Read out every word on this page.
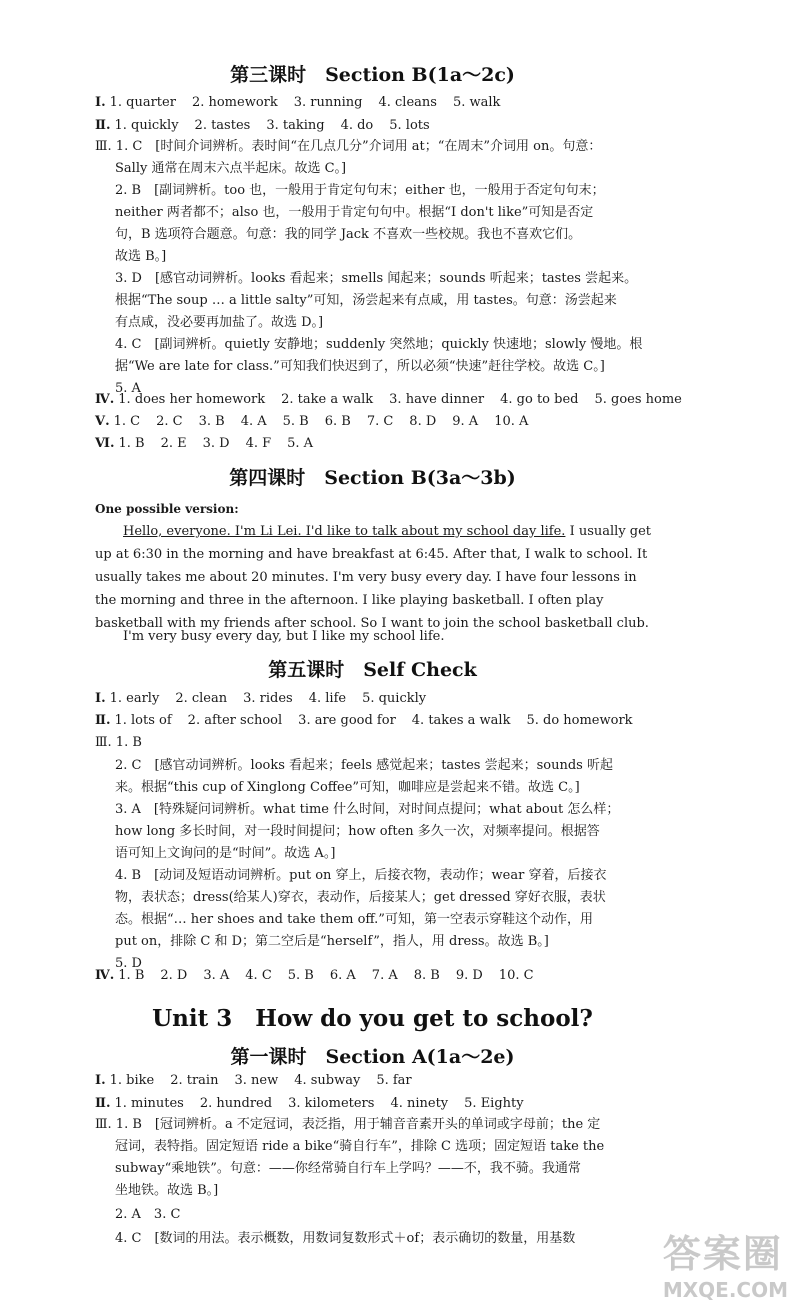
第三课时　Section B(1a～2c)
Ⅰ. 1. quarter 2. homework 3. running 4. cleans 5. walk
Ⅱ. 1. quickly 2. tastes 3. taking 4. do 5. lots
Ⅲ. 1. C　[时间介词辨析。表时间“在几点几分”介词用 at；“在周末”介词用 on。句意：
Sally 通常在周末六点半起床。故选 C。]
2. B　[副词辨析。too 也，一般用于肯定句句末；either 也，一般用于否定句句末；
neither 两者都不；also 也，一般用于肯定句句中。根据“I don't like”可知是否定
句，B 选项符合题意。句意：我的同学 Jack 不喜欢一些校规。我也不喜欢它们。
故选 B。]
3. D　[感官动词辨析。looks 看起来；smells 闻起来；sounds 听起来；tastes 尝起来。
根据“The soup … a little salty”可知，汤尝起来有点咸，用 tastes。句意：汤尝起来
有点咸，没必要再加盐了。故选 D。]
4. C　[副词辨析。quietly 安静地；suddenly 突然地；quickly 快速地；slowly 慢地。根
据“We are late for class.”可知我们快迟到了，所以必须“快速”赶往学校。故选 C。]
5. A
Ⅳ. 1. does her homework 2. take a walk 3. have dinner 4. go to bed 5. goes home
Ⅴ. 1. C 2. C 3. B 4. A 5. B 6. B 7. C 8. D 9. A 10. A
Ⅵ. 1. B 2. E 3. D 4. F 5. A
第四课时　Section B(3a～3b)
One possible version:
Hello, everyone. I'm Li Lei. I'd like to talk about my school day life. I usually get up at 6:30 in the morning and have breakfast at 6:45. After that, I walk to school. It usually takes me about 20 minutes. I'm very busy every day. I have four lessons in the morning and three in the afternoon. I like playing basketball. I often play basketball with my friends after school. So I want to join the school basketball club.
I'm very busy every day, but I like my school life.
第五课时　Self Check
Ⅰ. 1. early 2. clean 3. rides 4. life 5. quickly
Ⅱ. 1. lots of 2. after school 3. are good for 4. takes a walk 5. do homework
Ⅲ. 1. B
2. C　[感官动词辨析。looks 看起来；feels 感觉起来；tastes 尝起来；sounds 听起
来。根据“this cup of Xinglong Coffee”可知，咖啡应是尝起来不错。故选 C。]
3. A　[特殊疑问词辨析。what time 什么时间，对时间点提问；what about 怎么样；
how long 多长时间，对一段时间提问；how often 多久一次，对频率提问。根据答
语可知上文询问的是“时间”。故选 A。]
4. B　[动词及短语动词辨析。put on 穿上，后接衣物，表动作；wear 穿着，后接衣
物，表状态；dress(给某人)穿衣，表动作，后接某人；get dressed 穿好衣服，表状
态。根据“… her shoes and take them off.”可知，第一空表示穿鞋这个动作，用
put on，排除 C 和 D；第二空后是“herself”，指人，用 dress。故选 B。]
5. D
Ⅳ. 1. B 2. D 3. A 4. C 5. B 6. A 7. A 8. B 9. D 10. C
Unit 3　How do you get to school?
第一课时　Section A(1a～2e)
Ⅰ. 1. bike 2. train 3. new 4. subway 5. far
Ⅱ. 1. minutes 2. hundred 3. kilometers 4. ninety 5. Eighty
Ⅲ. 1. B　[冠词辨析。a 不定冠词，表泛指，用于辅音音素开头的单词或字母前；the 定
冠词，表特指。固定短语 ride a bike“骑自行车”，排除 C 选项；固定短语 take the
subway“乘地铁”。句意：——你经常骑自行车上学吗？——不，我不骑。我通常
坐地铁。故选 B。]
2. A　3. C
4. C　[数词的用法。表示概数，用数词复数形式＋of；表示确切的数量，用基数 答案圈
MXQE.COM
